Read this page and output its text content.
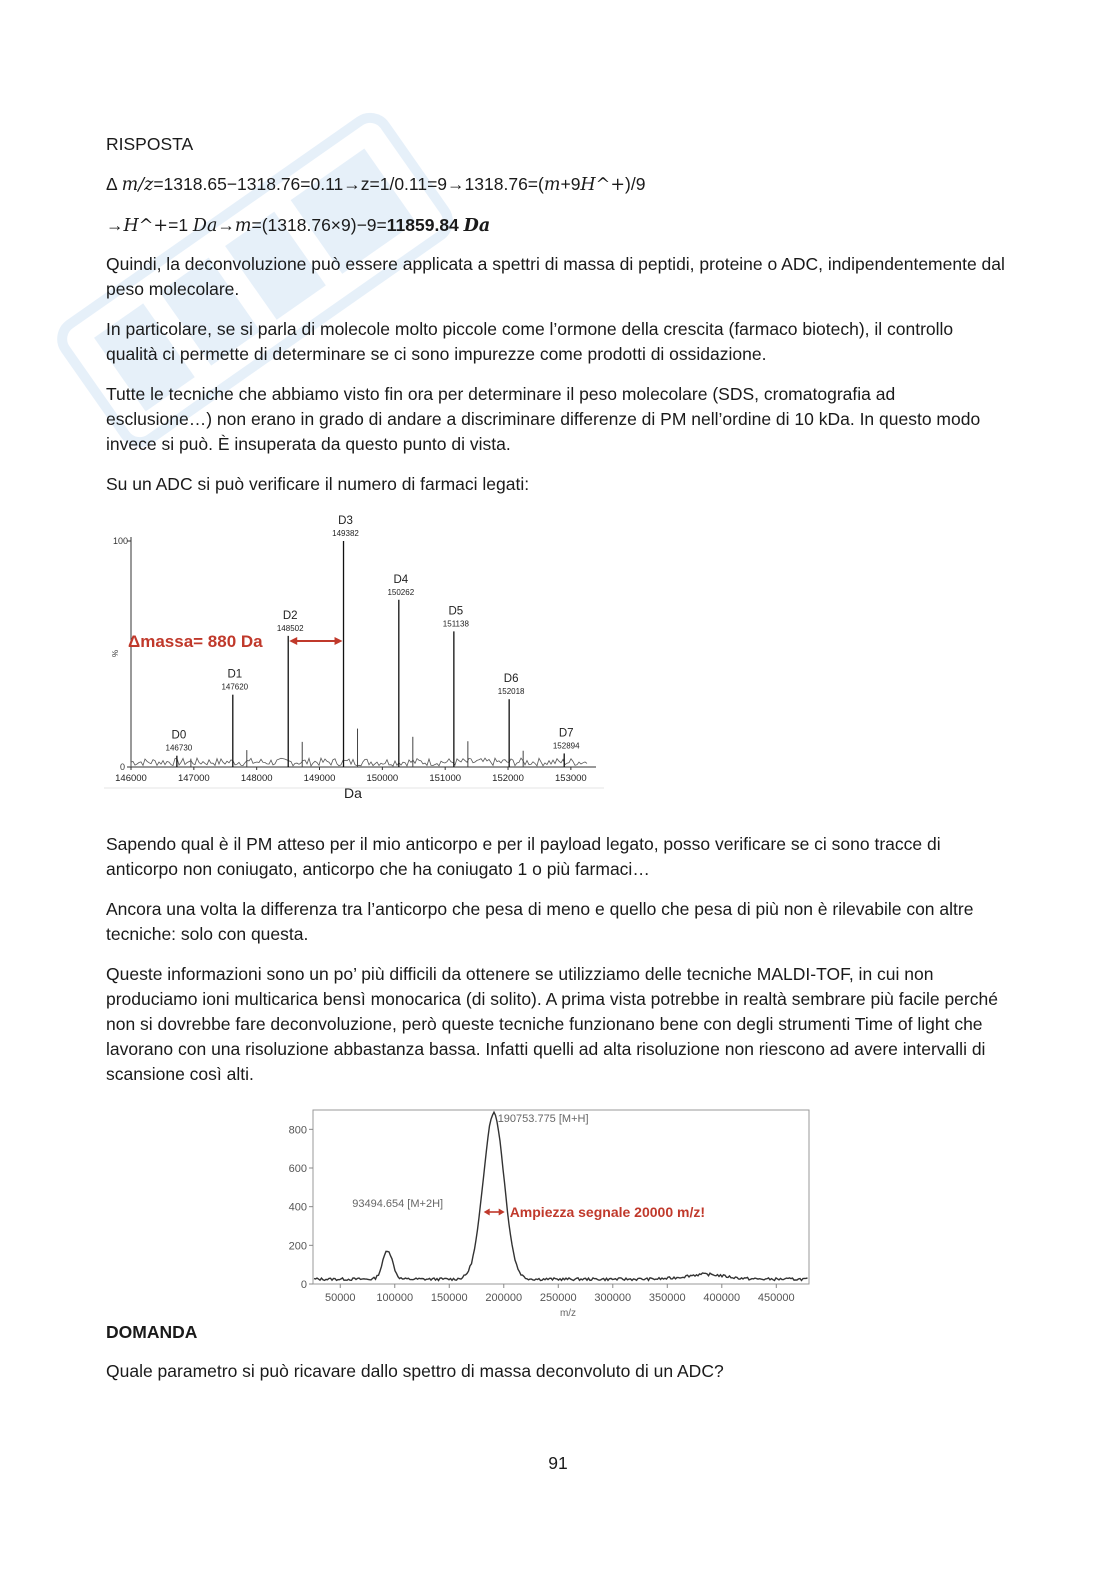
RISPOSTA

Δ m/z=1318.65−1318.76=0.11→z=1/0.11=9→1318.76=(m+9H^+)/9

→H^+=1 Da→m=(1318.76×9)−9=11859.84 Da

Quindi, la deconvoluzione può essere applicata a spettri di massa di peptidi, proteine o ADC, indipendentemente dal peso molecolare.

In particolare, se si parla di molecole molto piccole come l’ormone della crescita (farmaco biotech), il controllo qualità ci permette di determinare se ci sono impurezze come prodotti di ossidazione.

Tutte le tecniche che abbiamo visto fin ora per determinare il peso molecolare (SDS, cromatografia ad esclusione…) non erano in grado di andare a discriminare differenze di PM nell’ordine di 10 kDa. In questo modo invece si può. È insuperata da questo punto di vista.

Su un ADC si può verificare il numero di farmaci legati:

100
0
%
146000	147000	148000	149000	150000	151000	152000	153000
Da
D0
146730
D1
147620
D2
148502
D3
149382
D4
150262
D5
151138
D6
152018
D7
152894
Δmassa= 880 Da

Sapendo qual è il PM atteso per il mio anticorpo e per il payload legato, posso verificare se ci sono tracce di anticorpo non coniugato, anticorpo che ha coniugato 1 o più farmaci…

Ancora una volta la differenza tra l’anticorpo che pesa di meno e quello che pesa di più non è rilevabile con altre tecniche: solo con questa.

Queste informazioni sono un po’ più difficili da ottenere se utilizziamo delle tecniche MALDI-TOF, in cui non produciamo ioni multicarica bensì monocarica (di solito). A prima vista potrebbe in realtà sembrare più facile perché non si dovrebbe fare deconvoluzione, però queste tecniche funzionano bene con degli strumenti Time of light che lavorano con una risoluzione abbastanza bassa. Infatti quelli ad alta risoluzione non riescono ad avere intervalli di scansione così alti.

0
200
400
600
800
50000 100000 150000 200000 250000 300000 350000 400000 450000
m/z
93494.654 [M+2H]
190753.775 [M+H]
Ampiezza segnale 20000 m/z!
DOMANDA
Quale parametro si può ricavare dallo spettro di massa deconvoluto di un ADC?
91
